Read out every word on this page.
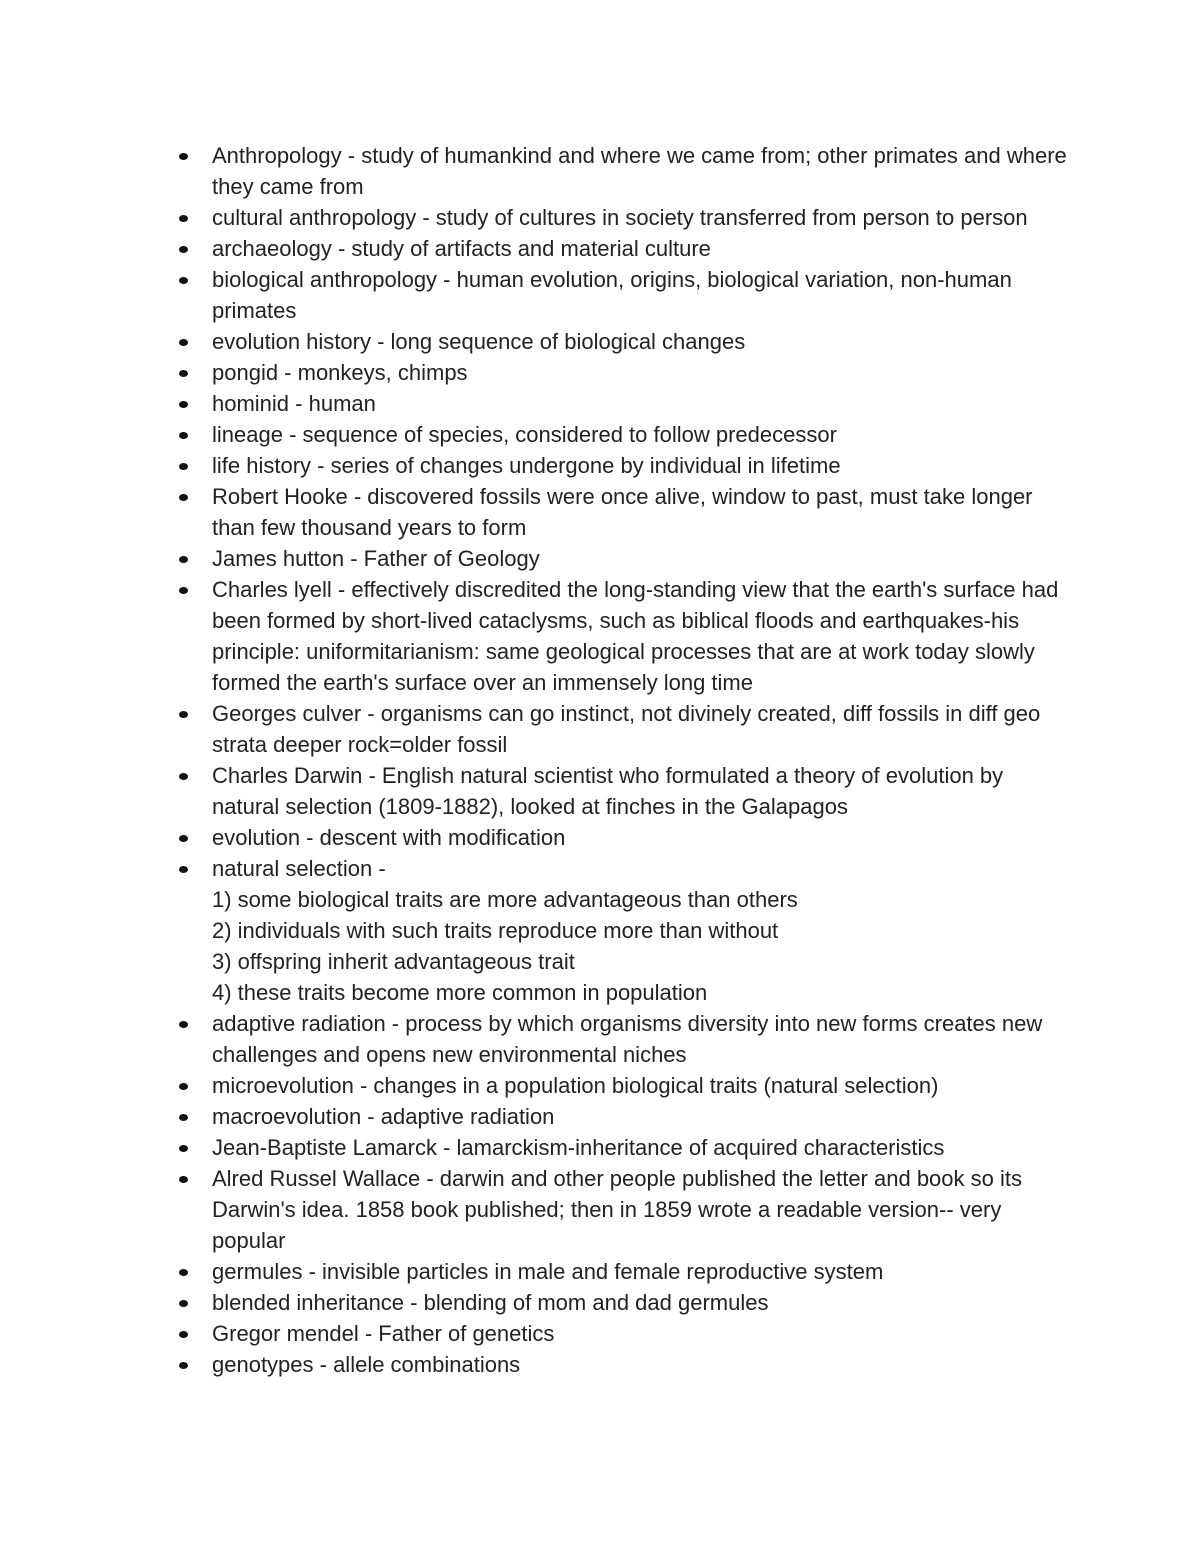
Anthropology - study of humankind and where we came from; other primates and where they came from
cultural anthropology - study of cultures in society transferred from person to person
archaeology - study of artifacts and material culture
biological anthropology - human evolution, origins, biological variation, non-human primates
evolution history - long sequence of biological changes
pongid - monkeys, chimps
hominid - human
lineage - sequence of species, considered to follow predecessor
life history - series of changes undergone by individual in lifetime
Robert Hooke - discovered fossils were once alive, window to past, must take longer than few thousand years to form
James hutton - Father of Geology
Charles lyell - effectively discredited the long-standing view that the earth's surface had been formed by short-lived cataclysms, such as biblical floods and earthquakes-his principle: uniformitarianism: same geological processes that are at work today slowly formed the earth's surface over an immensely long time
Georges culver - organisms can go instinct, not divinely created, diff fossils in diff geo strata deeper rock=older fossil
Charles Darwin - English natural scientist who formulated a theory of evolution by natural selection (1809-1882), looked at finches in the Galapagos
evolution - descent with modification
natural selection -
1) some biological traits are more advantageous than others
2) individuals with such traits reproduce more than without
3) offspring inherit advantageous trait
4) these traits become more common in population
adaptive radiation - process by which organisms diversity into new forms creates new challenges and opens new environmental niches
microevolution - changes in a population biological traits (natural selection)
macroevolution - adaptive radiation
Jean-Baptiste Lamarck - lamarckism-inheritance of acquired characteristics
Alred Russel Wallace - darwin and other people published the letter and book so its Darwin's idea. 1858 book published; then in 1859 wrote a readable version-- very popular
germules - invisible particles in male and female reproductive system
blended inheritance - blending of mom and dad germules
Gregor mendel - Father of genetics
genotypes - allele combinations
